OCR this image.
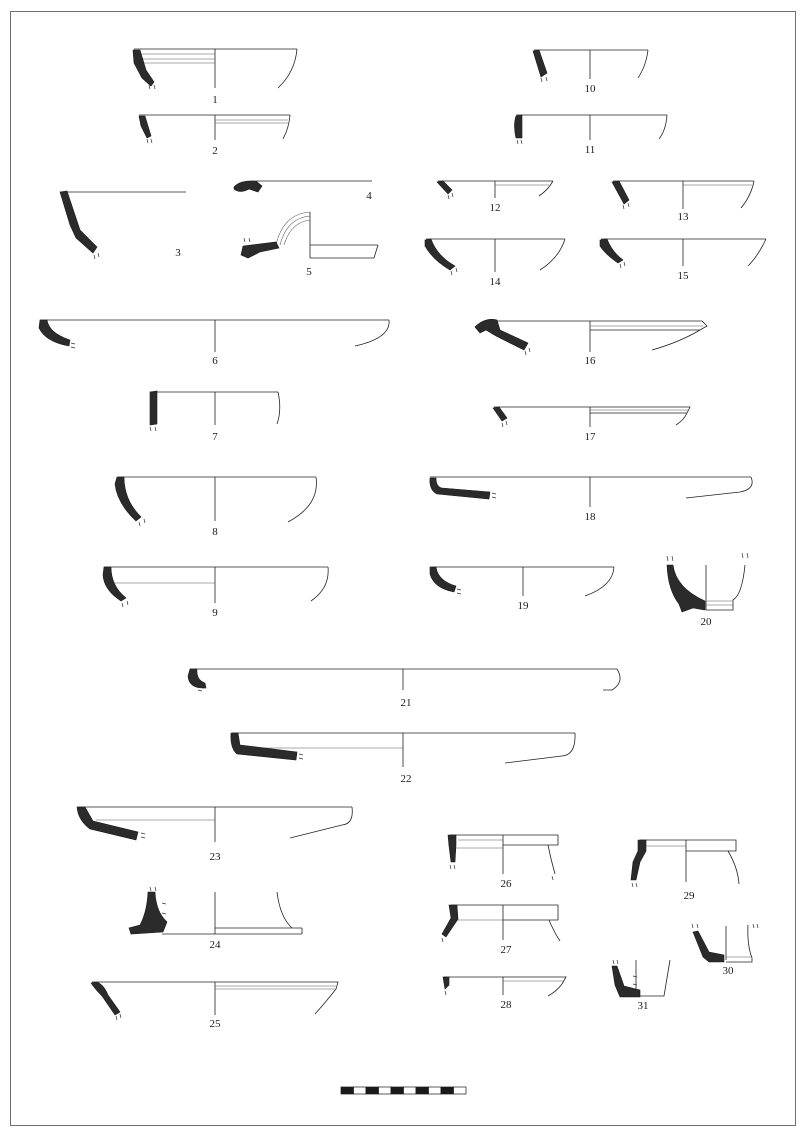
1
2
3
4
5
6
7
8
9
10
11
12
13
14	15
16
17
18
19
20
21
22
23
24
25
26
27
28
29
30
31
